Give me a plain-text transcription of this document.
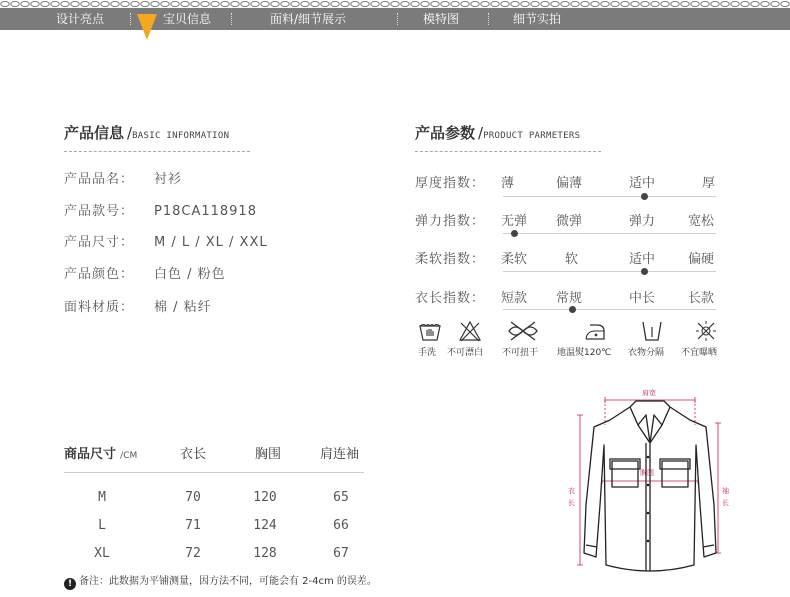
设计亮点	宝贝信息	面料/细节展示	模特图	细节实拍
产品信息 /BASIC INFORMATION
产品品名： 衬衫
产品款号： P18CA118918
产品尺寸： M / L / XL / XXL
产品颜色： 白色 / 粉色
面料材质： 棉 / 粘纤
产品参数 /PRODUCT PARMETERS
厚度指数： 薄	偏薄	适中	厚
弹力指数： 无弹 微弹	弹力	宽松
柔软指数： 柔软	软	适中	偏硬
衣长指数： 短款 常规	中长	长款
手洗 不可漂白 不可扭干 地温熨120℃ 衣物分隔 不宜曝晒
商品尺寸 /CM	衣长	胸围	肩连袖
M	70	120	65
L	71	124	66
XL	72	128	67
! 备注：此数据为平铺测量，因方法不同，可能会有 2-4cm 的误差。
肩宽
胸围
衣
长
袖
长
